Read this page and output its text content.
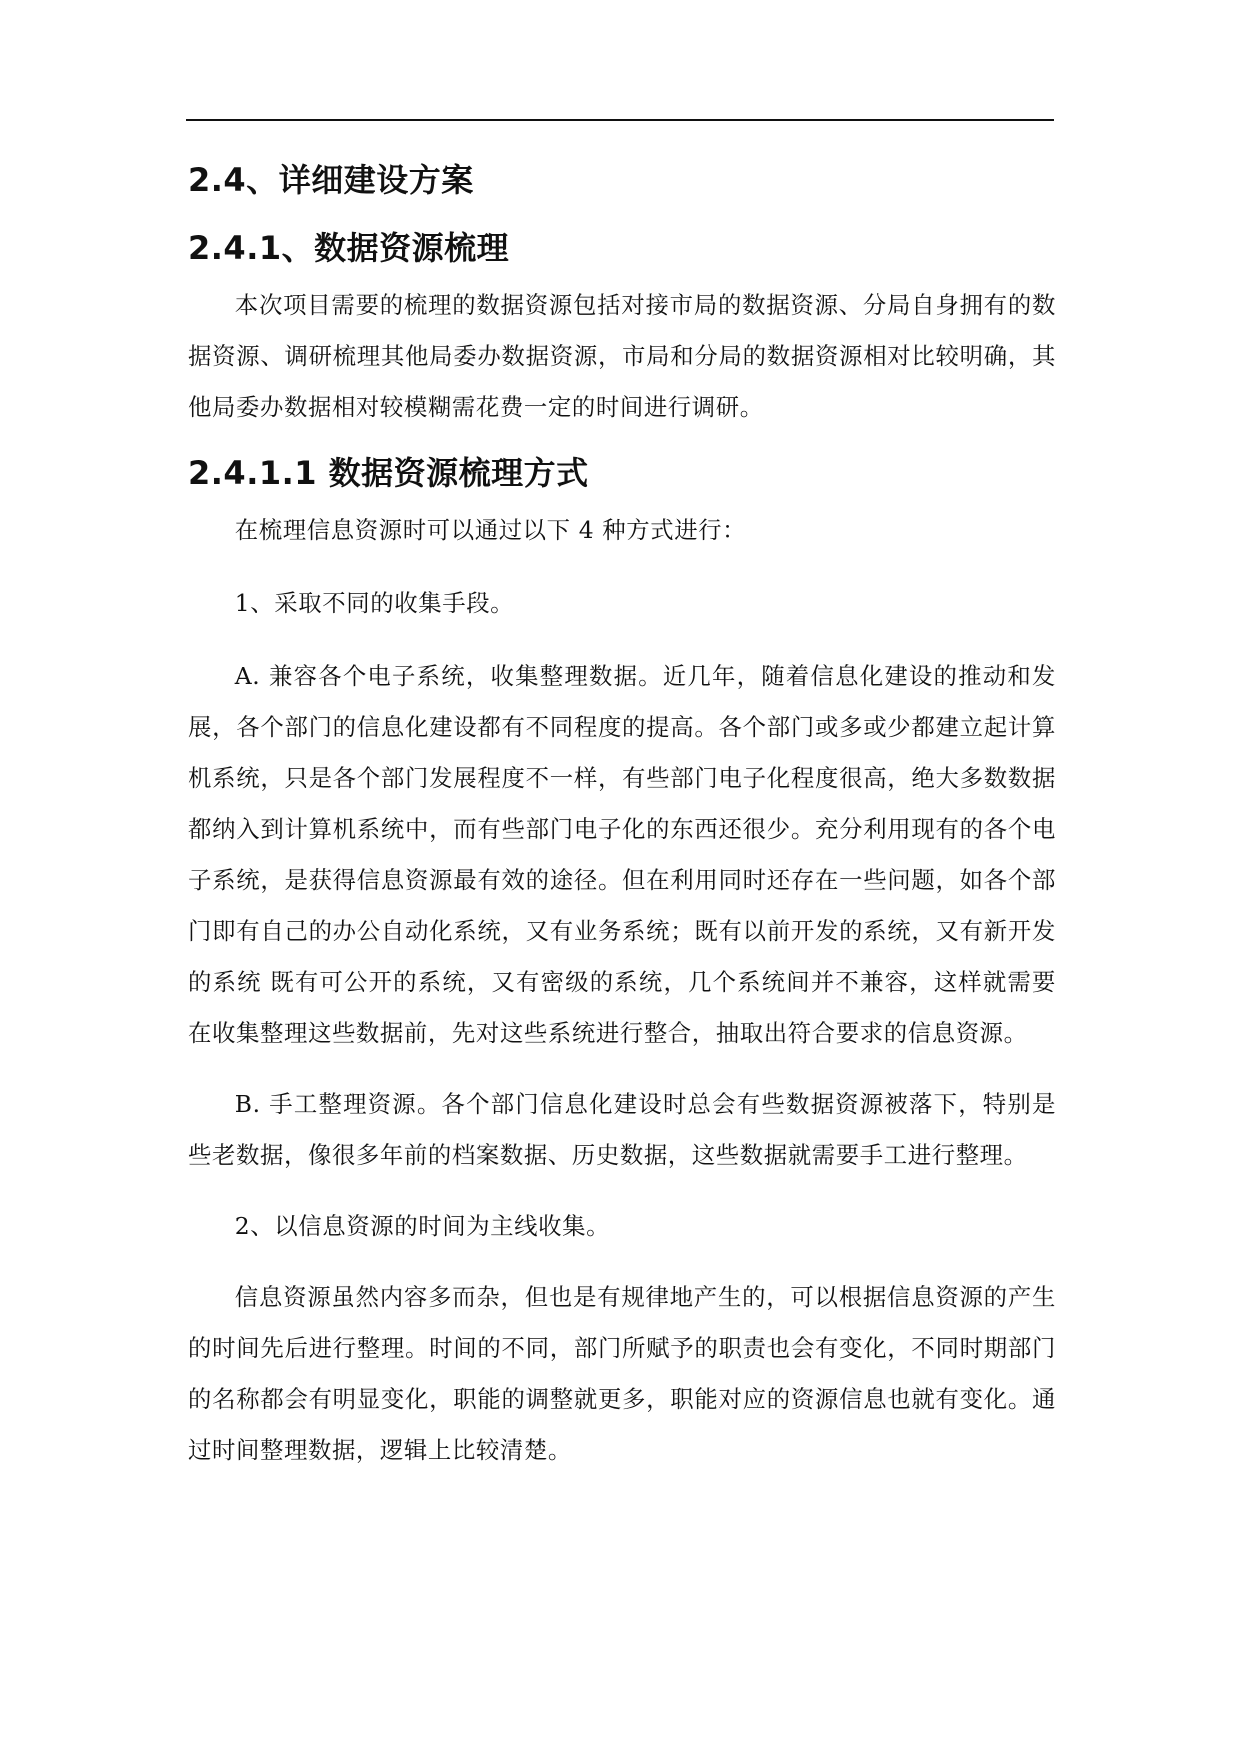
2.4、详细建设方案
2.4.1、数据资源梳理

本次项目需要的梳理的数据资源包括对接市局的数据资源、分局自身拥有的数据资源、调研梳理其他局委办数据资源，市局和分局的数据资源相对比较明确，其他局委办数据相对较模糊需花费一定的时间进行调研。

2.4.1.1 数据资源梳理方式

在梳理信息资源时可以通过以下 4 种方式进行：

1、采取不同的收集手段。

A. 兼容各个电子系统，收集整理数据。近几年，随着信息化建设的推动和发展，各个部门的信息化建设都有不同程度的提高。各个部门或多或少都建立起计算机系统，只是各个部门发展程度不一样，有些部门电子化程度很高，绝大多数数据都纳入到计算机系统中，而有些部门电子化的东西还很少。充分利用现有的各个电子系统，是获得信息资源最有效的途径。但在利用同时还存在一些问题，如各个部门即有自己的办公自动化系统，又有业务系统；既有以前开发的系统，又有新开发的系统 既有可公开的系统，又有密级的系统，几个系统间并不兼容，这样就需要在收集整理这些数据前，先对这些系统进行整合，抽取出符合要求的信息资源。

B. 手工整理资源。各个部门信息化建设时总会有些数据资源被落下，特别是些老数据，像很多年前的档案数据、历史数据，这些数据就需要手工进行整理。

2、以信息资源的时间为主线收集。

信息资源虽然内容多而杂，但也是有规律地产生的，可以根据信息资源的产生的时间先后进行整理。时间的不同，部门所赋予的职责也会有变化，不同时期部门的名称都会有明显变化，职能的调整就更多，职能对应的资源信息也就有变化。通过时间整理数据，逻辑上比较清楚。
